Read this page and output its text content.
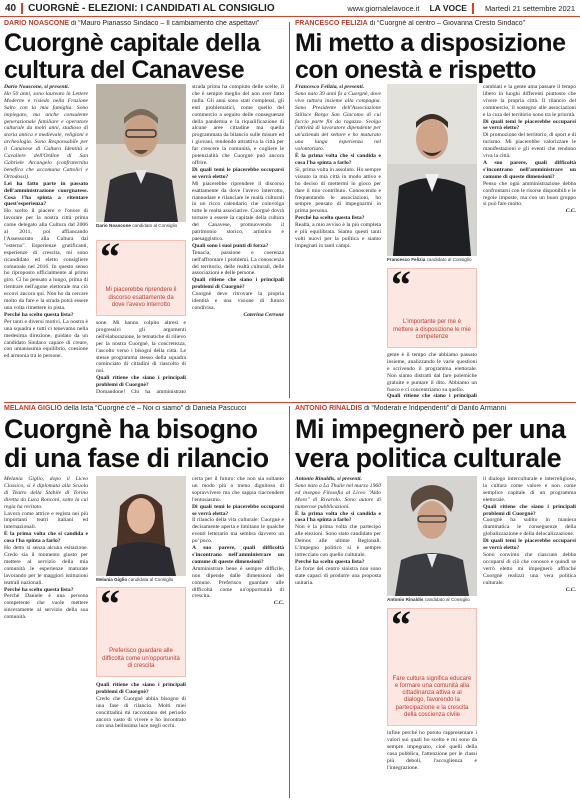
40 CUORGNÈ - ELEZIONI: I CANDIDATI AL CONSIGLIO	www.giornalelavoce.it LA VOCE Martedì 21 settembre 2021
DARIO NOASCONE di “Mauro Pianasso Sindaco – Il cambiamento che aspettavi”
Cuorgnè capitale della
cultura del Canavese

Dario Noascone, si presenti.

Ho 50 anni, sono laureato in Lettere Moderne e risiedo nella Frazione Salto con la mia famiglia. Sono impiegato, ma anche consulente generazionale familiare e operatore culturale da molti anni, studioso di storia antica e medievale, religioni e archeologia. Sono Responsabile per il Canavese di Cultura Identità e Cavaliere dell'Ordine di San Gabriele Arcangelo (confraternita benefica che accomuna Cattolici e Ortodossi).

Lei ha fatto parte in passato dell'amministrazione cuorgnatese. Cosa l'ha spinta a ritentare quest'esperienza?

Ho scelto il piacere e l'onore di lavorare per la nostra città prima come delegato alla Cultura dal 2006 al 2011, poi affiancando l'Assessorato alla Cultura dal "esterno". Esperienze gratificanti, esperienze di crescita, mi sono ricandidato ed eletto consigliere comunale nel 2016. In questo senso ho riproposto ufficialmente al primo giro. Ci ho pensato a lungo, prima di rientrare nell'agone elettorale ma ciò eccovi ancora qui. Non ho da cercare molto da fare e la strada potrà essere una volta rimettere in pista.

Perché ha scelto questa lista?

Per tanti e diversi motivi. La nostra è una squadra e tutti ci tenevamo nella medesima direzione, guidato da un candidato Sindaco capace di creare, con umanissima equilibrio, coesione ed armonia tra le persone.

Dario Noascone candidato al Consiglio
“
Mi piacerebbe riprendere il discorso esattamente da dove l'avevo interrotto

sone. Mi hanno colpito altresì e progressivi gli argomenti nell'elaborazione, le tematiche di rilievo per la nostra Cuorgnè, la concretezza, l'ascolto verso i bisogni della città. Le stesse programma stesso della squadra cominciato di cittadini di riascolto di noi.

Quali ritiene che siano i principali problemi di Cuorgnè?

Domandone! Chi ha amministrato

strada prima ha compiuto delle scelte, il che è sempre meglio del non aver fatto nulla. Gli anni sono stati complessi, gli enti problematici, come quello del commercio a seguito delle conseguenze della pandemia e la riqualificazione di alcune aree cittadine ma quella programmata da bilancio sulle misure ed i giovani, rendendo attrattiva la città per far crescere la comunità, e cogliere le potenzialità che Cuorgnè può ancora offrire.

Di quali temi le piacerebbe occuparsi se verrà eletto?

Mi piacerebbe riprendere il discorso esattamente da dove l'avevo interrotto, riannodare e rilanciare le realtà culturali in un ricco calendario che coinvolga tutte le realtà associative. Cuorgnè dovrà tornare a essere la capitale della cultura del Canavese, promuovendo il patrimonio storico, artistico e paesaggistico.

Quali sono i suoi punti di forza?

Tenacia, passione e coerenza nell'affrontare i problemi. La conoscenza del territorio, delle realtà culturali, delle associazioni e delle persone.

Quali ritiene che siano i principali problemi di Cuorgnè?

Cuorgnè deve ritrovare la propria identità e una visione di futuro condivisa.

Caterina Cerrone

FRANCESCO FELIZIA di “Cuorgnè al centro – Giovanna Cresto Sindaco”
Mi metto a disposizione
con onestà e rispetto

Francesco Felizia, si presenti.

Sono nato 39 anni fa a Cuorgnè, dove vivo tuttora insieme alla compagna. Sono Presidente dell'Associazione Stilisce Borgo San Giacomo di cui faccio parte fin da ragazzo. Svolgo l'attività di lavoratore dipendente per un'azienda del settore e ho maturato una lunga esperienza nel volontariato.

È la prima volta che si candida e cosa l'ha spinta a farlo?

Sì, prima volta in assoluto. Ho sempre vissuto la mia città in modo attivo e ho deciso di mettermi in gioco per dare il mio contributo. Conoscendo e frequentando le associazioni, ho sempre pensato di impegnarmi in prima persona.

Perché ha scelto questa lista?

Realtà, a mio avviso è la più completa e più equilibrata. Siamo questi tanti volti nuovi per la politica e siamo impegnati in tanti campi.

Francesco Felizia candidato al Consiglio
“
L'importante per me è mettere a disposizione le mie competenze

gente è il tempo che abbiamo passato insieme, analizzando le varie questioni e scrivendo il programma elettorale. Non siamo distratti dal fare polemiche gratuite e puntare il dito. Abbiamo un fuoco e ci concentriamo su quello.

Quali ritiene che siano i principali

cambiati e la gente ama passare il tempo libero in luoghi differenti piuttosto che vivere la propria città. Il rilancio del commercio, il sostegno alle associazioni e la cura del territorio sono tra le priorità.

Di quali temi le piacerebbe occuparsi se verrà eletto?

Di promozione del territorio, di sport e di turismo. Mi piacerebbe valorizzare le manifestazioni e gli eventi che rendono viva la città.

A suo parere, quali difficoltà s'incontrano nell'amministrare un comune di queste dimensioni?

Penso che ogni amministrazione debba confrontarsi con le risorse disponibili e le regole imposte, ma con un buon gruppo si può fare molto.

C.C.

MELANIA GIGLIO della lista “Cuorgnè c'è – Noi ci siamo” di Daniela Pascucci
Cuorgnè ha bisogno
di una fase di rilancio

Melania Giglio, dopo il Liceo Classico, si è diplomata alla Scuola di Teatro della Stabile di Torino diretta da Luca Ronconi, sotto la cui regia ha recitato.

Lavora come attrice e regista nei più importanti teatri italiani ed internazionali.

È la prima volta che si candida e cosa l'ha spinta a farlo?

Ho detto sì senza alcuna esitazione. Credo sia il momento giusto per mettere al servizio della mia comunità le esperienze maturate lavorando per le maggiori istituzioni teatrali nazionali.

Perché ha scelto questa lista?

Perché Daniele è una persona competente che vuole mettere sinceramente al servizio della sua comunità.

Melania Giglio candidata al Consiglio
“
Preferisco guardare alle difficoltà come un'opportunità di crescita

Quali ritiene che siano i principali problemi di Cuorgnè?

Credo che Cuorgnè abbia bisogno di una fase di rilancio. Molti miei concittadini mi raccontano del periodo ancora vasto di vivere e ho incontrato con una bellissima luce negli occhi.

certa per il futuro: che non sia soltanto un modo più o meno dignitoso di sopravvivere ma che sappia riaccendere l'entusiasmo.

Di quali temi le piacerebbe occuparsi se verrà eletta?

Il rilancio della vita culturale: Cuorgnè e decisamente aperta e limitano le qualche eventi letterario ma sembra davvero un po' poco.

A suo parere, quali difficoltà s'incontrano nell'amministrare un comune di queste dimensioni?

Amministrare bene è sempre difficile, non dipende dalle dimensioni del comune. Preferisco guardare alle difficoltà come un'opportunità di crescita.

C.C.

ANTONIO RINALDIS di “Moderati e Indipendenti” di Danilo Armanni
Mi impegnerò per una
vera politica culturale

Antonio Rinaldis, si presenti.

Sono nato a La Thuile nel marzo 1960 ed insegno Filosofia al Liceo "Aldo Moro" di Rivarolo. Sono autore di numerose pubblicazioni.

È la prima volta che si candida e cosa l'ha spinta a farlo?

Non è la prima volta che partecipo alle elezioni. Sono stato candidato per Demos alle ultime Regionali. L'impegno politico si è sempre intrecciato con quello culturale.

Perché ha scelto questa lista?

Le forze del centro sinistra non sono state capaci di produrre una proposta unitaria.

Antonio Rinaldis candidato al Consiglio
“
Fare cultura significa educare e formare una comunità alla cittadinanza attiva e al dialogo, favorendo la partecipazione e la crescita della coscienza civile

infine perché ho potuto rappresentare i valori sui quali ho scelto e mi sono da sempre impegnato, cioè quelli della cosa pubblica, l'attenzione per le classi più deboli, l'accoglienza e l'integrazione.

il dialogo interculturale e interreligioso, la cultura come valore e non come semplice capitale di un programma elettorale.

Quali ritiene che siano i principali problemi di Cuorgnè?

Cuorgnè ha subito in maniera drammatica le conseguenze della globalizzazione e della delocalizzazione.

Di quali temi le piacerebbe occuparsi se verrà eletto?

Sono convinto che ciascuno debba occuparsi di ciò che conosce e quindi se verrò eletto mi impegnerò affinché Cuorgnè realizzi una vera politica culturale.

C.C.
